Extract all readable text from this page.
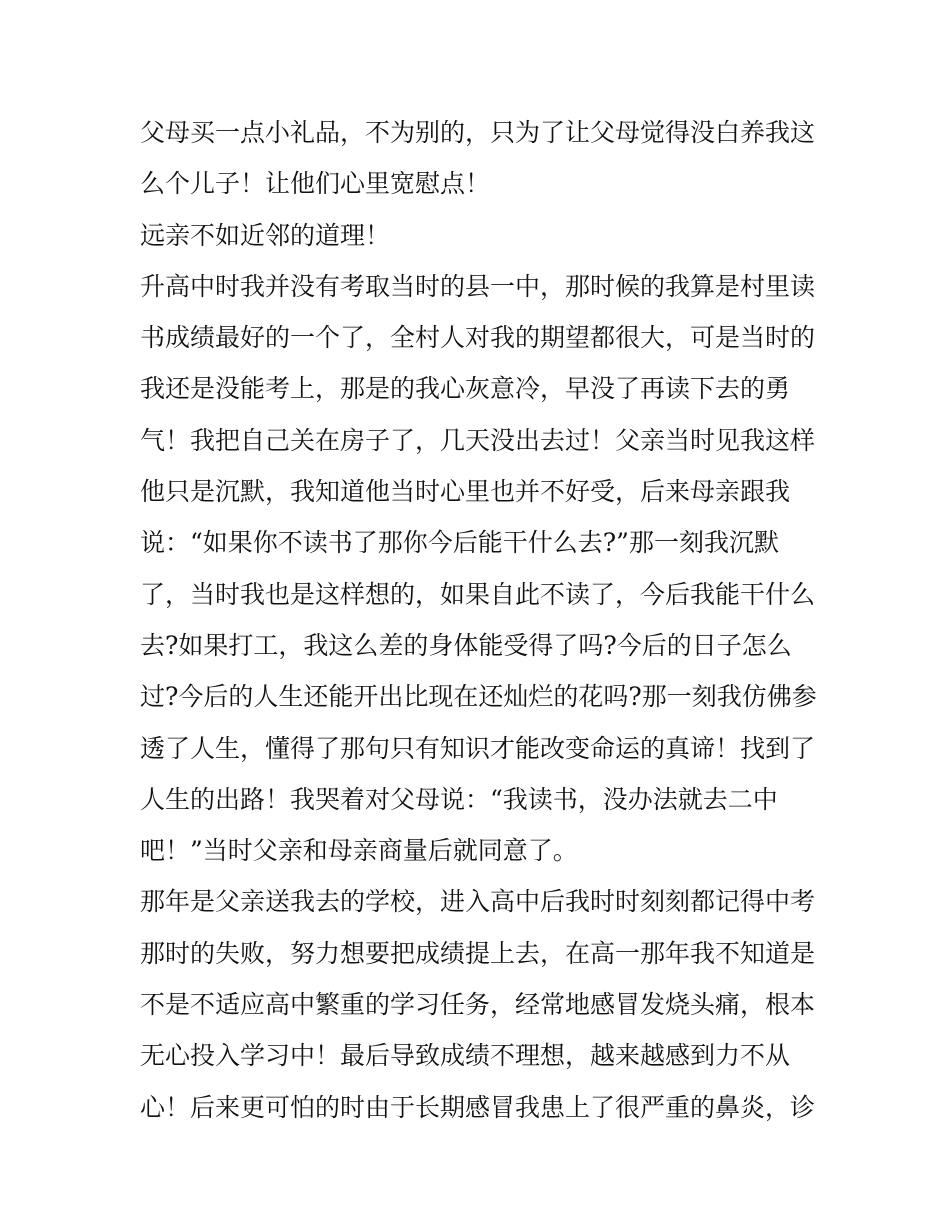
父母买一点小礼品，不为别的，只为了让父母觉得没白养我这
么个儿子！让他们心里宽慰点！
远亲不如近邻的道理！
升高中时我并没有考取当时的县一中，那时候的我算是村里读
书成绩最好的一个了，全村人对我的期望都很大，可是当时的
我还是没能考上，那是的我心灰意冷，早没了再读下去的勇
气！我把自己关在房子了，几天没出去过！父亲当时见我这样
他只是沉默，我知道他当时心里也并不好受，后来母亲跟我
说：“如果你不读书了那你今后能干什么去?”那一刻我沉默
了，当时我也是这样想的，如果自此不读了，今后我能干什么
去?如果打工，我这么差的身体能受得了吗?今后的日子怎么
过?今后的人生还能开出比现在还灿烂的花吗?那一刻我仿佛参
透了人生，懂得了那句只有知识才能改变命运的真谛！找到了
人生的出路！我哭着对父母说：“我读书，没办法就去二中
吧！”当时父亲和母亲商量后就同意了。
那年是父亲送我去的学校，进入高中后我时时刻刻都记得中考
那时的失败，努力想要把成绩提上去，在高一那年我不知道是
不是不适应高中繁重的学习任务，经常地感冒发烧头痛，根本
无心投入学习中！最后导致成绩不理想，越来越感到力不从
心！后来更可怕的时由于长期感冒我患上了很严重的鼻炎，诊
